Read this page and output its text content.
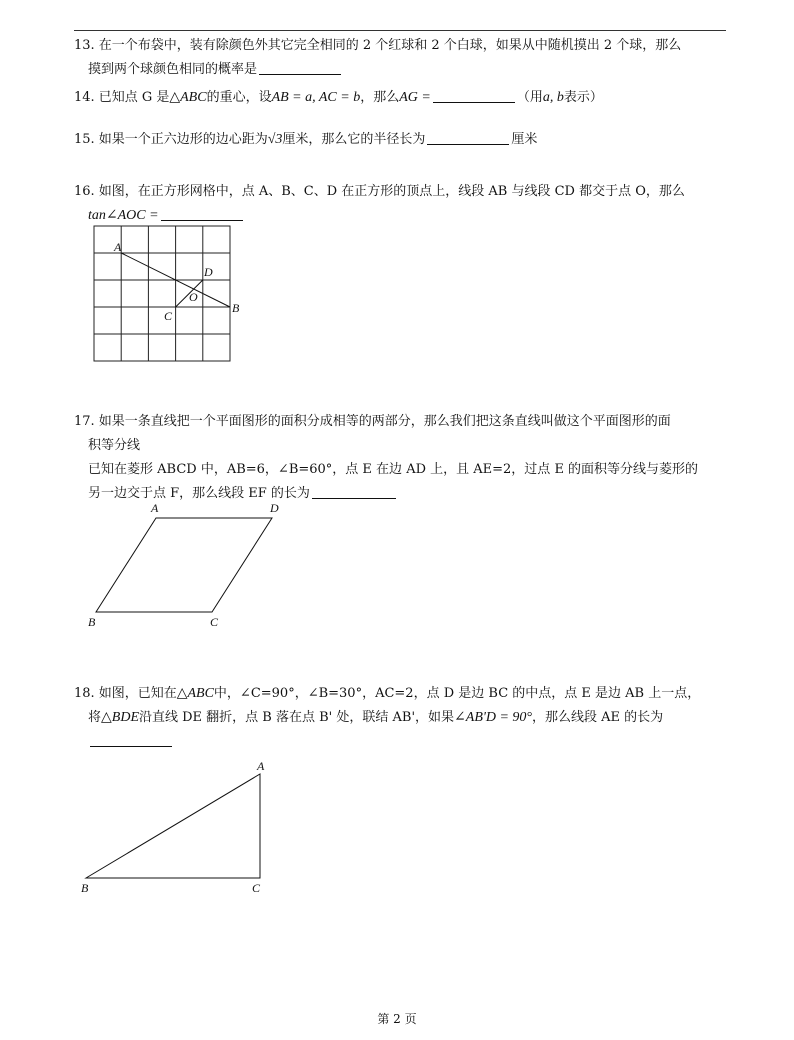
13. 在一个布袋中，装有除颜色外其它完全相同的 2 个红球和 2 个白球，如果从中随机摸出 2 个球，那么
摸到两个球颜色相同的概率是
14. 已知点 G 是△ABC的重心，设AB = a, AC = b，那么AG =	（用a, b表示）
15. 如果一个正六边形的边心距为√3厘米，那么它的半径长为	厘米
16. 如图，在正方形网格中，点 A、B、C、D 在正方形的顶点上，线段 AB 与线段 CD 都交于点 O，那么
tan∠AOC =
A
D
O
B
C
17. 如果一条直线把一个平面图形的面积分成相等的两部分，那么我们把这条直线叫做这个平面图形的面
积等分线
已知在菱形 ABCD 中，AB=6，∠B=60°，点 E 在边 AD 上，且 AE=2，过点 E 的面积等分线与菱形的
另一边交于点 F，那么线段 EF 的长为
A	D
B	C
18. 如图，已知在△ABC中，∠C=90°，∠B=30°，AC=2，点 D 是边 BC 的中点，点 E 是边 AB 上一点，
将△BDE沿直线 DE 翻折，点 B 落在点 B' 处，联结 AB'，如果∠AB'D = 90°，那么线段 AE 的长为
A
B	C
第 2 页
